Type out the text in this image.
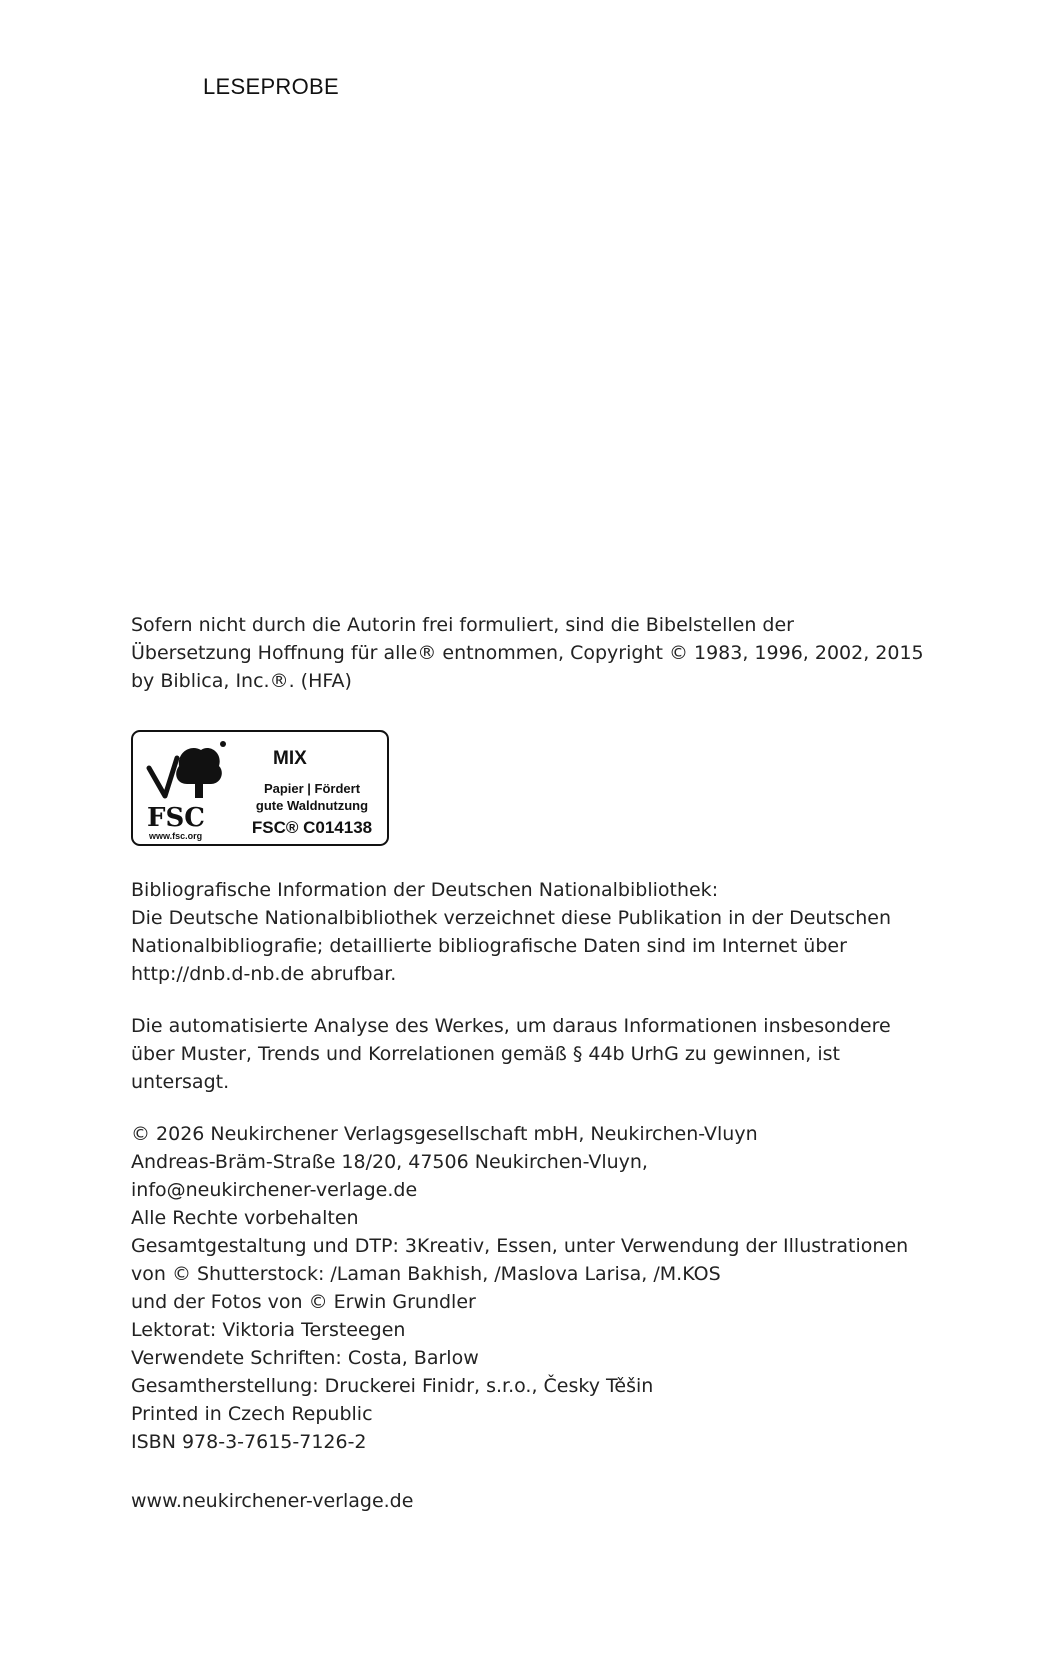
LESEPROBE
Sofern nicht durch die Autorin frei formuliert, sind die Bibelstellen der
Übersetzung Hoffnung für alle® entnommen, Copyright © 1983, 1996, 2002, 2015
by Biblica, Inc.®. (HFA)
FSC
www.fsc.org
MIX
Papier | Fördert
gute Waldnutzung
FSC® C014138
Bibliografische Information der Deutschen Nationalbibliothek:
Die Deutsche Nationalbibliothek verzeichnet diese Publikation in der Deutschen
Nationalbibliografie; detaillierte bibliografische Daten sind im Internet über
http://dnb.d-nb.de abrufbar.
Die automatisierte Analyse des Werkes, um daraus Informationen insbesondere
über Muster, Trends und Korrelationen gemäß § 44b UrhG zu gewinnen, ist
untersagt.
© 2026 Neukirchener Verlagsgesellschaft mbH, Neukirchen-Vluyn
Andreas-Bräm-Straße 18/20, 47506 Neukirchen-Vluyn,
info@neukirchener-verlage.de
Alle Rechte vorbehalten
Gesamtgestaltung und DTP: 3Kreativ, Essen, unter Verwendung der Illustrationen
von © Shutterstock: /Laman Bakhish, /Maslova Larisa, /M.KOS
und der Fotos von © Erwin Grundler
Lektorat: Viktoria Tersteegen
Verwendete Schriften: Costa, Barlow
Gesamtherstellung: Druckerei Finidr, s.r.o., Česky Těšin
Printed in Czech Republic
ISBN 978-3-7615-7126-2
www.neukirchener-verlage.de
